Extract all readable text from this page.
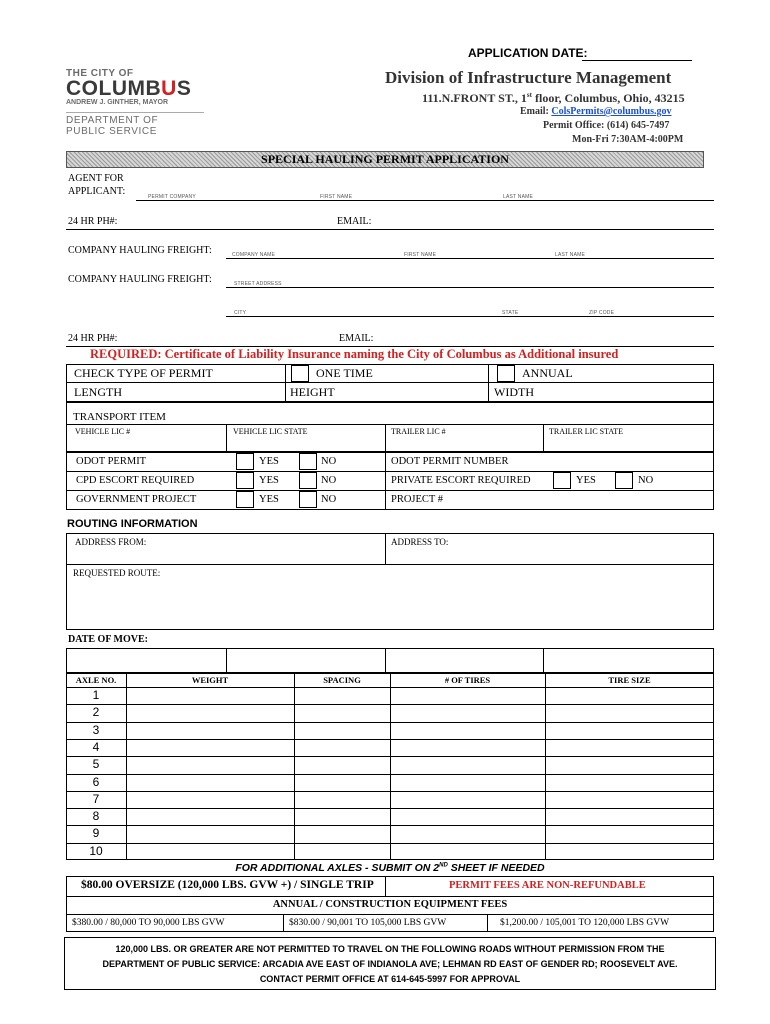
APPLICATION DATE:
THE CITY OF
COLUMBUS
ANDREW J. GINTHER, MAYOR
DEPARTMENT OF
PUBLIC SERVICE
Division of Infrastructure Management
111.N.FRONT ST., 1st floor, Columbus, Ohio, 43215
Email: ColsPermits@columbus.gov
Permit Office: (614) 645-7497
Mon-Fri 7:30AM-4:00PM
SPECIAL HAULING PERMIT APPLICATION
AGENT FOR
APPLICANT:	PERMIT COMPANY	FIRST NAME	LAST NAME
24 HR PH#:	EMAIL:
COMPANY HAULING FREIGHT:	COMPANY NAME	FIRST NAME	LAST NAME
COMPANY HAULING FREIGHT:	STREET ADDRESS
CITY	STATE	ZIP CODE
24 HR PH#:	EMAIL:
REQUIRED: Certificate of Liability Insurance naming the City of Columbus as Additional insured
CHECK TYPE OF PERMIT	ONE TIME	ANNUAL
LENGTH	HEIGHT	WIDTH
TRANSPORT ITEM
VEHICLE LIC #	VEHICLE LIC STATE	TRAILER LIC #	TRAILER LIC STATE
ODOT PERMIT	YES	NO	ODOT PERMIT NUMBER
CPD ESCORT REQUIRED	YES	NO	PRIVATE ESCORT REQUIRED	YES	NO
GOVERNMENT PROJECT	YES	NO	PROJECT #
ROUTING INFORMATION
ADDRESS FROM:	ADDRESS TO:
REQUESTED ROUTE:
DATE OF MOVE:
AXLE NO.	WEIGHT	SPACING	# OF TIRES	TIRE SIZE
1
2
3
4
5
6
7
8
9
10
FOR ADDITIONAL AXLES - SUBMIT ON 2ND SHEET IF NEEDED
$80.00 OVERSIZE (120,000 LBS. GVW +) / SINGLE TRIP	PERMIT FEES ARE NON-REFUNDABLE
ANNUAL / CONSTRUCTION EQUIPMENT FEES
$380.00 / 80,000 TO 90,000 LBS GVW	$830.00 / 90,001 TO 105,000 LBS GVW	$1,200.00 / 105,001 TO 120,000 LBS GVW
120,000 LBS. OR GREATER ARE NOT PERMITTED TO TRAVEL ON THE FOLLOWING ROADS WITHOUT PERMISSION FROM THE
DEPARTMENT OF PUBLIC SERVICE: ARCADIA AVE EAST OF INDIANOLA AVE; LEHMAN RD EAST OF GENDER RD; ROOSEVELT AVE.
CONTACT PERMIT OFFICE AT 614-645-5997 FOR APPROVAL
